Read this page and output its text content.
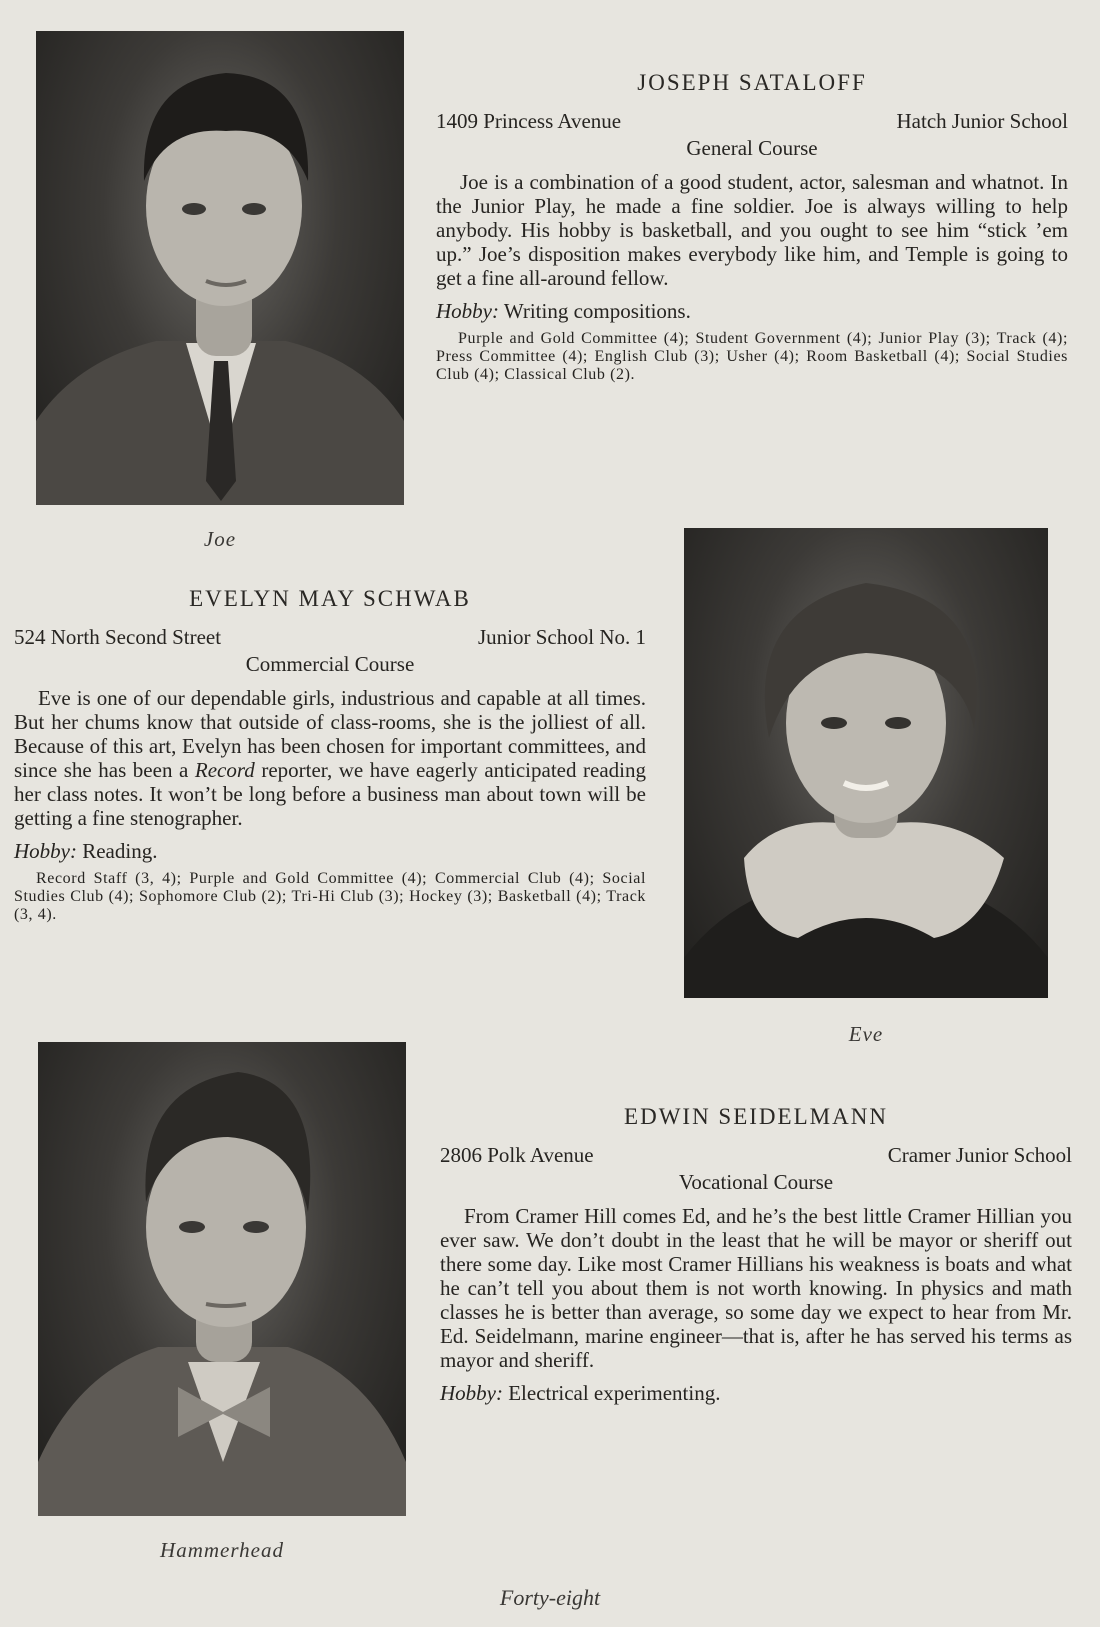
Joe
JOSEPH SATALOFF
1409 Princess Avenue	Hatch Junior School
General Course

Joe is a combination of a good student, actor, salesman and whatnot. In the Junior Play, he made a fine soldier. Joe is always willing to help anybody. His hobby is basketball, and you ought to see him “stick ’em up.” Joe’s disposition makes everybody like him, and Temple is going to get a fine all-around fellow.

Hobby: Writing compositions.
Purple and Gold Committee (4); Student Government (4); Junior Play (3); Track (4); Press Committee (4); English Club (3); Usher (4); Room Basketball (4); Social Studies Club (4); Classical Club (2).
EVELYN MAY SCHWAB
524 North Second Street	Junior School No. 1
Commercial Course

Eve is one of our dependable girls, industrious and capable at all times. But her chums know that outside of class-rooms, she is the jolliest of all. Because of this art, Evelyn has been chosen for important committees, and since she has been a Record reporter, we have eagerly anticipated reading her class notes. It won’t be long before a business man about town will be getting a fine stenographer.

Hobby: Reading.
Record Staff (3, 4); Purple and Gold Committee (4); Commercial Club (4); Social Studies Club (4); Sophomore Club (2); Tri-Hi Club (3); Hockey (3); Basketball (4); Track (3, 4).
Eve
Hammerhead
EDWIN SEIDELMANN
2806 Polk Avenue	Cramer Junior School
Vocational Course

From Cramer Hill comes Ed, and he’s the best little Cramer Hillian you ever saw. We don’t doubt in the least that he will be mayor or sheriff out there some day. Like most Cramer Hillians his weakness is boats and what he can’t tell you about them is not worth knowing. In physics and math classes he is better than average, so some day we expect to hear from Mr. Ed. Seidelmann, marine engineer—that is, after he has served his terms as mayor and sheriff.

Hobby: Electrical experimenting.
Forty-eight
